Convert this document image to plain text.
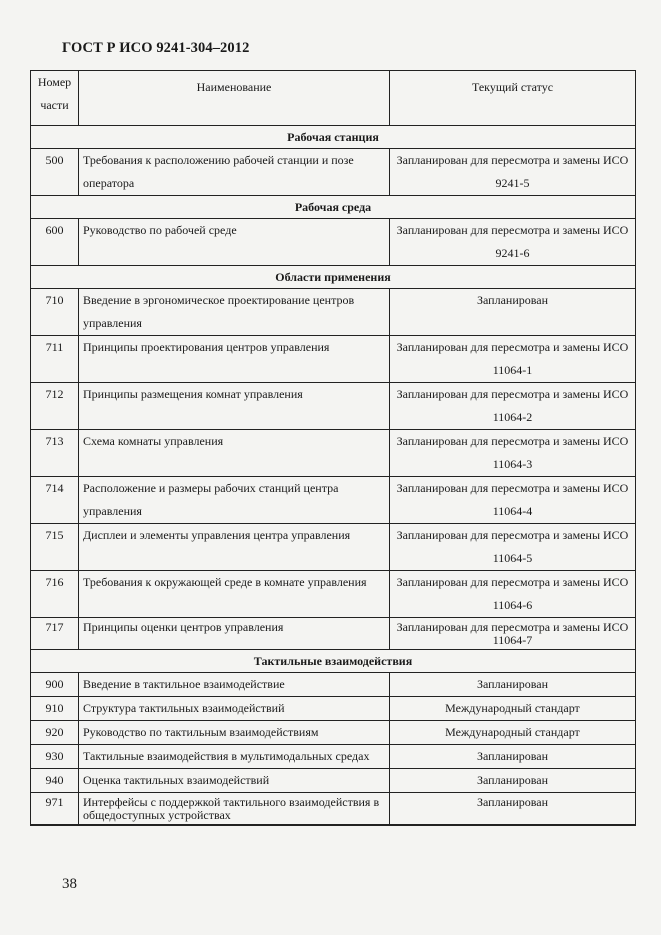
ГОСТ Р ИСО 9241-304–2012
Номер части	Наименование	Текущий статус
Рабочая станция		
500	Требования к расположению рабочей станции и позе оператора	Запланирован для пересмотра и замены ИСО 9241-5
Рабочая среда		
600	Руководство по рабочей среде	Запланирован для пересмотра и замены ИСО 9241-6
Области применения		
710	Введение в эргономическое проектирование центров управления	Запланирован
711	Принципы проектирования центров управления	Запланирован для пересмотра и замены ИСО 11064-1
712	Принципы размещения комнат управления	Запланирован для пересмотра и замены ИСО 11064-2
713	Схема комнаты управления	Запланирован для пересмотра и замены ИСО 11064-3
714	Расположение и размеры рабочих станций центра управления	Запланирован для пересмотра и замены ИСО 11064-4
715	Дисплеи и элементы управления центра управления	Запланирован для пересмотра и замены ИСО 11064-5
716	Требования к окружающей среде в комнате управления	Запланирован для пересмотра и замены ИСО 11064-6
717	Принципы оценки центров управления	Запланирован для пересмотра и замены ИСО 11064-7
Тактильные взаимодействия		
900	Введение в тактильное взаимодействие	Запланирован
910	Структура тактильных взаимодействий	Международный стандарт
920	Руководство по тактильным взаимодействиям	Международный стандарт
930	Тактильные взаимодействия в мультимодальных средах	Запланирован
940	Оценка тактильных взаимодействий	Запланирован
971	Интерфейсы с поддержкой тактильного взаимодействия в общедоступных устройствах	Запланирован
38
